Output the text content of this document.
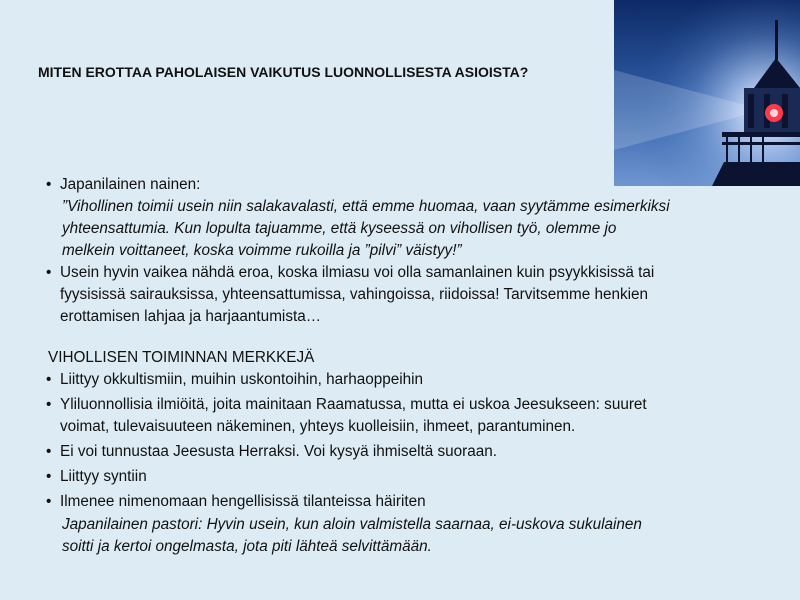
MITEN EROTTAA PAHOLAISEN VAIKUTUS LUONNOLLISESTA ASIOISTA?
• Japanilainen nainen:
”Vihollinen toimii usein niin salakavalasti, että emme huomaa, vaan syytämme esimerkiksi
yhteensattumia. Kun lopulta tajuamme, että kyseessä on vihollisen työ, olemme jo
melkein voittaneet, koska voimme rukoilla ja ”pilvi” väistyy!”
• Usein hyvin vaikea nähdä eroa, koska ilmiasu voi olla samanlainen kuin psyykkisissä tai
fyysisissä sairauksissa, yhteensattumissa, vahingoissa, riidoissa! Tarvitsemme henkien
erottamisen lahjaa ja harjaantumista…
VIHOLLISEN TOIMINNAN MERKKEJÄ
• Liittyy okkultismiin, muihin uskontoihin, harhaoppeihin
• Yliluonnollisia ilmiöitä, joita mainitaan Raamatussa, mutta ei uskoa Jeesukseen: suuret
voimat, tulevaisuuteen näkeminen, yhteys kuolleisiin, ihmeet, parantuminen.
• Ei voi tunnustaa Jeesusta Herraksi. Voi kysyä ihmiseltä suoraan.
• Liittyy syntiin
• Ilmenee nimenomaan hengellisissä tilanteissa häiriten
Japanilainen pastori: Hyvin usein, kun aloin valmistella saarnaa, ei-uskova sukulainen
soitti ja kertoi ongelmasta, jota piti lähteä selvittämään.
